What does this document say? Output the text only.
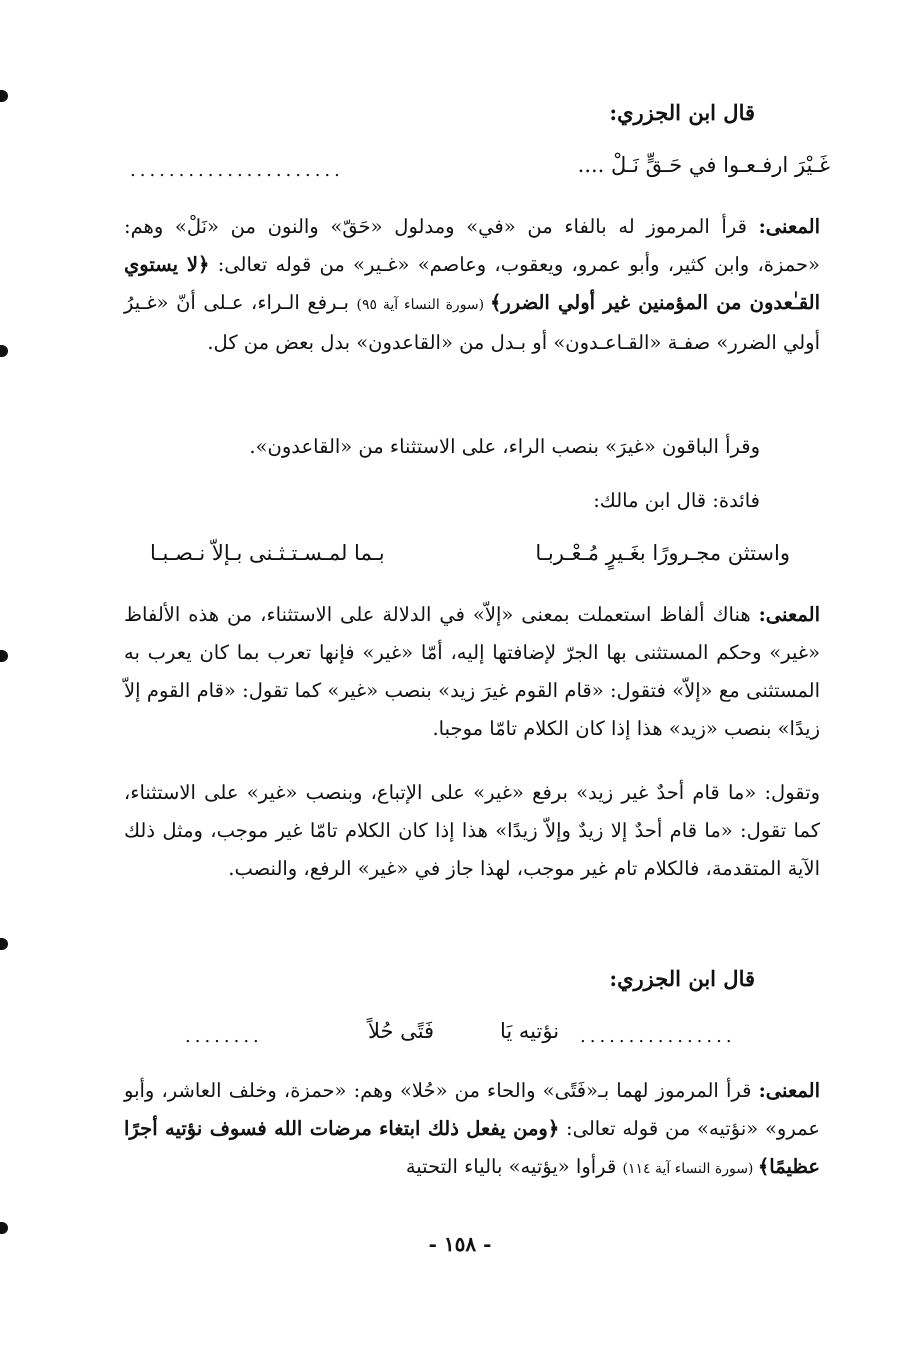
قال ابن الجزري:

غَـيْرَ ارفـعـوا في حَـقٍّ نَـلْ ....

......................

المعنى: قرأ المرموز له بالفاء من «في» ومدلول «حَقّ» والنون من «نَلْ» وهم: «حمزة، وابن كثير، وأبو عمرو، ويعقوب، وعاصم» «غـير» من قوله تعالى: ﴿لا يستوي القـٰعدون من المؤمنين غير أولي الضرر﴾ (سورة النساء آية ٩٥) بـرفع الـراء، عـلى أنّ «غـيرُ أولي الضرر» صفـة «القـاعـدون» أو بـدل من «القاعدون» بدل بعض من كل.

وقرأ الباقون «غيرَ» بنصب الراء، على الاستثناء من «القاعدون».

فائدة: قال ابن مالك:

واستثن مجـرورًا بغَـيرٍ مُـعْـربـا

بـما لمـسـتـثـنى بـإلاّ نـصـبـا

المعنى: هناك ألفاظ استعملت بمعنى «إلاّ» في الدلالة على الاستثناء، من هذه الألفاظ «غير» وحكم المستثنى بها الجرّ لإضافتها إليه، أمّا «غير» فإنها تعرب بما كان يعرب به المستثنى مع «إلاّ» فتقول: «قام القوم غيرَ زيد» بنصب «غير» كما تقول: «قام القوم إلاّ زيدًا» بنصب «زيد» هذا إذا كان الكلام تامّا موجبا.

وتقول: «ما قام أحدٌ غير زيد» برفع «غير» على الإتباع، وبنصب «غير» على الاستثناء، كما تقول: «ما قام أحدٌ إلا زيدٌ وإلاّ زيدًا» هذا إذا كان الكلام تامّا غير موجب، ومثل ذلك الآية المتقدمة، فالكلام تام غير موجب، لهذا جاز في «غير» الرفع، والنصب.

قال ابن الجزري:

................

نؤتيه يَا

فَتًى حُلاً

........

المعنى: قرأ المرموز لهما بـ«فَتًى» والحاء من «حُلا» وهم: «حمزة، وخلف العاشر، وأبو عمرو» «نؤتيه» من قوله تعالى: ﴿ومن يفعل ذلك ابتغاء مرضات الله فسوف نؤتيه أجرًا عظيمًا﴾ (سورة النساء آية ١١٤) قرأوا «يؤتيه» بالياء التحتية

- ١٥٨ -
